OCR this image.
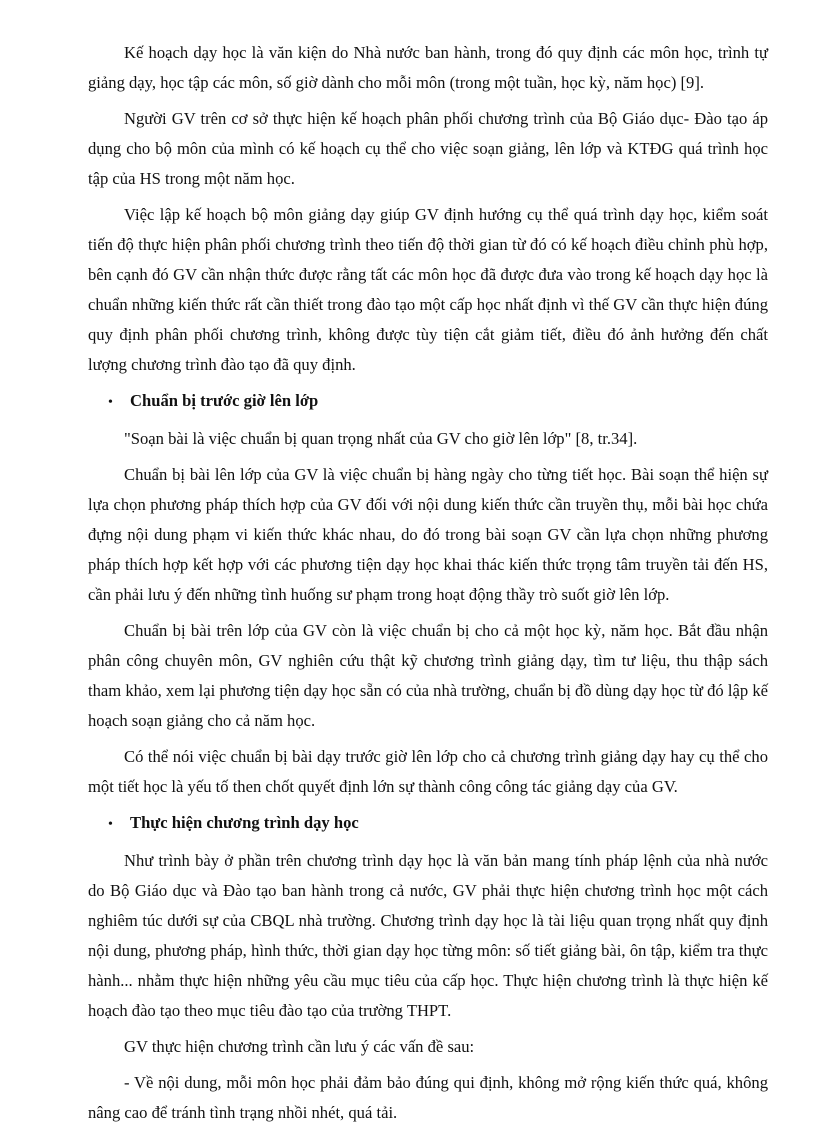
Kế hoạch dạy học là văn kiện do Nhà nước ban hành, trong đó quy định các môn học, trình tự giảng dạy, học tập các môn, số giờ dành cho mỗi môn (trong một tuần, học kỳ, năm học) [9].

Người GV trên cơ sở thực hiện kế hoạch phân phối chương trình của Bộ Giáo dục- Đào tạo áp dụng cho bộ môn của mình có kế hoạch cụ thể cho việc soạn giảng, lên lớp và KTĐG quá trình học tập của HS trong một năm học.

Việc lập kế hoạch bộ môn giảng dạy giúp GV định hướng cụ thể quá trình dạy học, kiểm soát tiến độ thực hiện phân phối chương trình theo tiến độ thời gian từ đó có kế hoạch điều chỉnh phù hợp, bên cạnh đó GV cần nhận thức được rằng tất các môn học đã được đưa vào trong kế hoạch dạy học là chuẩn những kiến thức rất cần thiết trong đào tạo một cấp học nhất định vì thế GV cần thực hiện đúng quy định phân phối chương trình, không được tùy tiện cắt giảm tiết, điều đó ảnh hưởng đến chất lượng chương trình đào tạo đã quy định.

•	Chuẩn bị trước giờ lên lớp

"Soạn bài là việc chuẩn bị quan trọng nhất của GV cho giờ lên lớp" [8, tr.34].

Chuẩn bị bài lên lớp của GV là việc chuẩn bị hàng ngày cho từng tiết học. Bài soạn thể hiện sự lựa chọn phương pháp thích hợp của GV đối với nội dung kiến thức cần truyền thụ, mỗi bài học chứa đựng nội dung phạm vi kiến thức khác nhau, do đó trong bài soạn GV cần lựa chọn những phương pháp thích hợp kết hợp với các phương tiện dạy học khai thác kiến thức trọng tâm truyền tải đến HS, cần phải lưu ý đến những tình huống sư phạm trong hoạt động thầy trò suốt giờ lên lớp.

Chuẩn bị bài trên lớp của GV còn là việc chuẩn bị cho cả một học kỳ, năm học. Bắt đầu nhận phân công chuyên môn, GV nghiên cứu thật kỹ chương trình giảng dạy, tìm tư liệu, thu thập sách tham khảo, xem lại phương tiện dạy học sẵn có của nhà trường, chuẩn bị đồ dùng dạy học từ đó lập kế hoạch soạn giảng cho cả năm học.

Có thể nói việc chuẩn bị bài dạy trước giờ lên lớp cho cả chương trình giảng dạy hay cụ thể cho một tiết học là yếu tố then chốt quyết định lớn sự thành công công tác giảng dạy của GV.

•	Thực hiện chương trình dạy học

Như trình bày ở phần trên chương trình dạy học là văn bản mang tính pháp lệnh của nhà nước do Bộ Giáo dục và Đào tạo ban hành trong cả nước, GV phải thực hiện chương trình học một cách nghiêm túc dưới sự của CBQL nhà trường. Chương trình dạy học là tài liệu quan trọng nhất quy định nội dung, phương pháp, hình thức, thời gian dạy học từng môn: số tiết giảng bài, ôn tập, kiểm tra thực hành... nhằm thực hiện những yêu cầu mục tiêu của cấp học. Thực hiện chương trình là thực hiện kế hoạch đào tạo theo mục tiêu đào tạo của trường THPT.

GV thực hiện chương trình cần lưu ý các vấn đề sau:

- Về nội dung, mỗi môn học phải đảm bảo đúng qui định, không mở rộng kiến thức quá, không nâng cao để tránh tình trạng nhồi nhét, quá tải.
